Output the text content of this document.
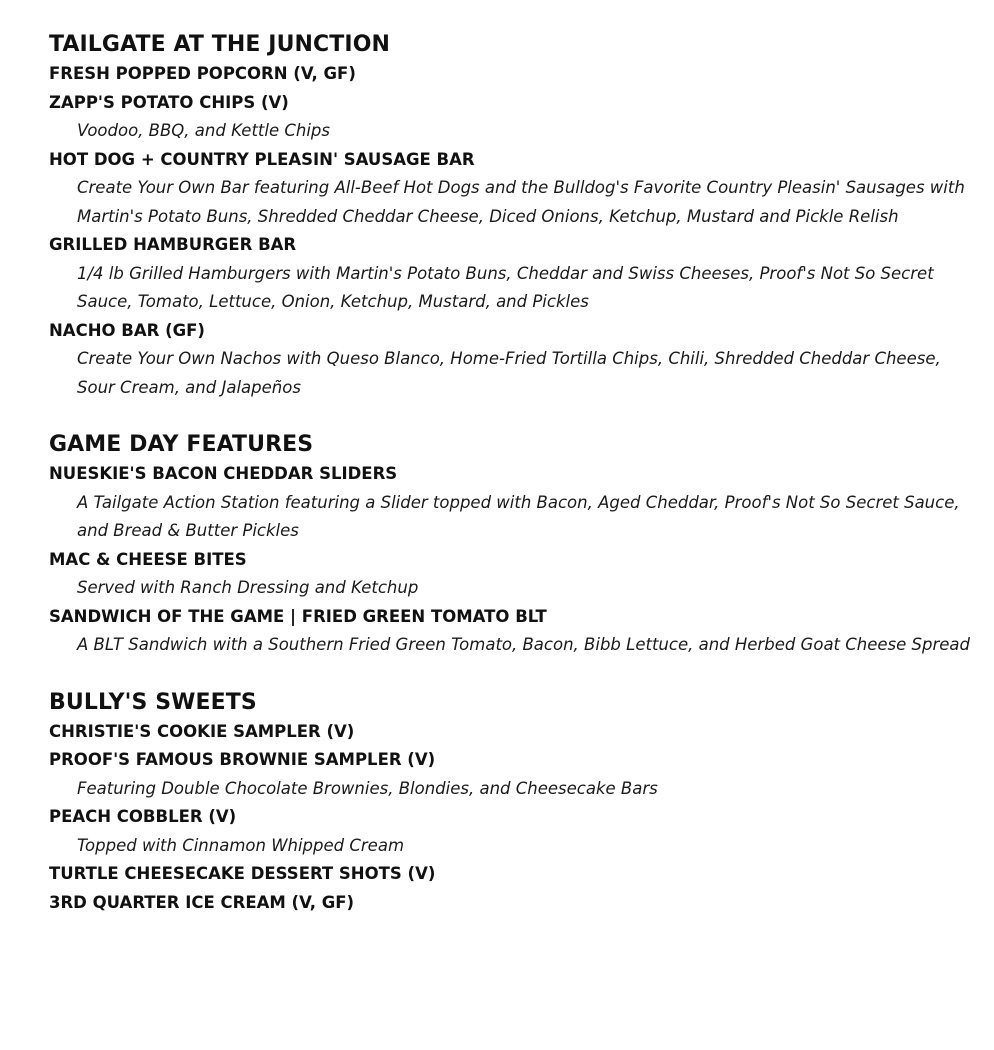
TAILGATE AT THE JUNCTION

FRESH POPPED POPCORN (V, GF)

ZAPP'S POTATO CHIPS (V)

Voodoo, BBQ, and Kettle Chips

HOT DOG + COUNTRY PLEASIN' SAUSAGE BAR

Create Your Own Bar featuring All-Beef Hot Dogs and the Bulldog's Favorite Country Pleasin' Sausages with Martin's Potato Buns, Shredded Cheddar Cheese, Diced Onions, Ketchup, Mustard and Pickle Relish

GRILLED HAMBURGER BAR

1/4 lb Grilled Hamburgers with Martin's Potato Buns, Cheddar and Swiss Cheeses, Proof's Not So Secret Sauce, Tomato, Lettuce, Onion, Ketchup, Mustard, and Pickles

NACHO BAR (GF)

Create Your Own Nachos with Queso Blanco, Home-Fried Tortilla Chips, Chili, Shredded Cheddar Cheese, Sour Cream, and Jalapeños

GAME DAY FEATURES

NUESKIE'S BACON CHEDDAR SLIDERS

A Tailgate Action Station featuring a Slider topped with Bacon, Aged Cheddar, Proof's Not So Secret Sauce, and Bread & Butter Pickles

MAC & CHEESE BITES

Served with Ranch Dressing and Ketchup

SANDWICH OF THE GAME | FRIED GREEN TOMATO BLT

A BLT Sandwich with a Southern Fried Green Tomato, Bacon, Bibb Lettuce, and Herbed Goat Cheese Spread

BULLY'S SWEETS

CHRISTIE'S COOKIE SAMPLER (V)

PROOF'S FAMOUS BROWNIE SAMPLER (V)

Featuring Double Chocolate Brownies, Blondies, and Cheesecake Bars

PEACH COBBLER (V)

Topped with Cinnamon Whipped Cream

TURTLE CHEESECAKE DESSERT SHOTS (V)

3RD QUARTER ICE CREAM (V, GF)
